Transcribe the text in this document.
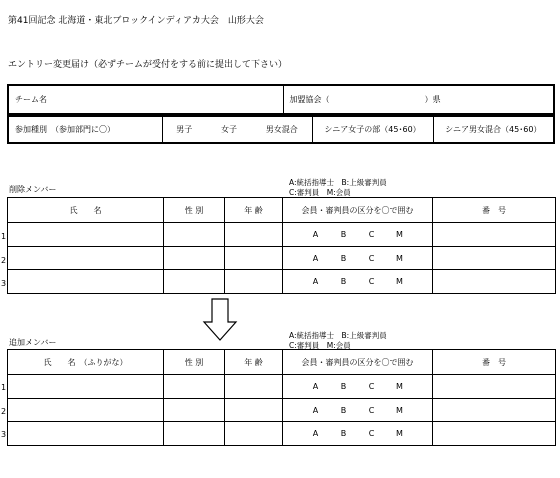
第41回記念 北海道・東北ブロックインディアカ大会　山形大会
エントリー変更届け（必ずチームが受付をする前に提出して下さい）
チーム名	加盟協会（	）県
参加種別　（参加部門に〇）	男子	女子	男女混合	シニア女子の部（45･60）	シニア男女混合（45･60）
削除メンバー
A:統括指導士　B:上級審判員
C:審判員　M:会員
氏　　名	性 別	年 齢	会員・審判員の区分を〇で囲む	番　号
			A B C M	
			A B C M	
			A B C M	
1
2
3
追加メンバー
A:統括指導士　B:上級審判員
C:審判員　M:会員
氏　　名　（ふりがな）	性 別	年 齢	会員・審判員の区分を〇で囲む	番　号
			A B C M	
			A B C M	
			A B C M	
1
2
3
